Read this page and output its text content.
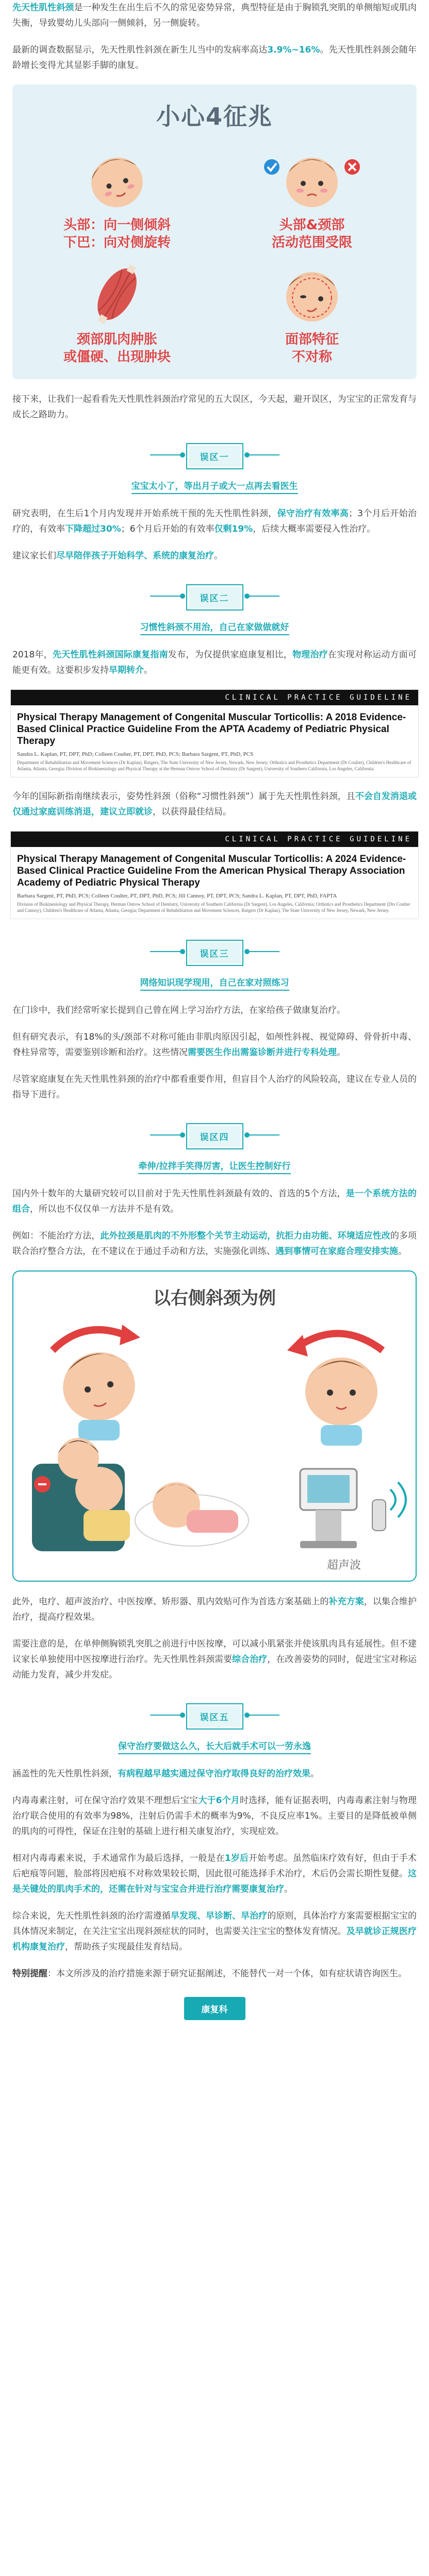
先天性肌性斜颈是一种发生在出生后不久的常见姿势异常，典型特征是由于胸锁乳突肌的单侧缩短或肌肉失衡，导致婴幼儿头部向一侧倾斜，另一侧旋转。

最新的调查数据显示，先天性肌性斜颈在新生儿当中的发病率高达3.9%~16%。先天性肌性斜颈会随年龄增长变得尤其显影手脚的康复。

小心4征兆
头部：向一侧倾斜
下巴：向对侧旋转
头部&颈部
活动范围受限
颈部肌肉肿胀
或僵硬、出现肿块
面部特征
不对称

接下来，让我们一起看看先天性肌性斜颈治疗常见的五大误区，今天起，避开误区，为宝宝的正常发育与成长之路助力。

误区一
宝宝太小了，等出月子或大一点再去看医生

研究表明，在生后1个月内发现并开始系统干预的先天性肌性斜颈，保守治疗有效率高；3个月后开始治疗的，有效率下降超过30%；6个月后开始的有效率仅剩19%，后续大概率需要侵入性治疗。

建议家长们尽早陪伴孩子开始科学、系统的康复治疗。

误区二
习惯性斜颈不用治，自己在家做做就好

2018年，先天性肌性斜颈国际康复指南发布，为仅提供家庭康复相比，物理治疗在实现对称运动方面可能更有效。这要积步发持早期转介。

CLINICAL PRACTICE GUIDELINE
Physical Therapy Management of Congenital Muscular Torticollis: A 2018 Evidence-Based Clinical Practice Guideline From the APTA Academy of Pediatric Physical Therapy
Sandra L. Kaplan, PT, DPT, PhD; Colleen Coulter, PT, DPT, PhD, PCS; Barbara Sargent, PT, PhD, PCS
Department of Rehabilitation and Movement Sciences (Dr Kaplan), Rutgers, The State University of New Jersey, Newark, New Jersey; Orthotics and Prosthetics Department (Dr Coulter), Children's Healthcare of Atlanta, Atlanta, Georgia; Division of Biokinesiology and Physical Therapy at the Herman Ostrow School of Dentistry (Dr Sargent), University of Southern California, Los Angeles, California.

今年的国际新指南继续表示，姿势性斜颈（俗称“习惯性斜颈”）属于先天性肌性斜颈，且不会自发消退或仅通过家庭训练消退，建议立即就诊，以获得最佳结局。

CLINICAL PRACTICE GUIDELINE
Physical Therapy Management of Congenital Muscular Torticollis: A 2024 Evidence-Based Clinical Practice Guideline From the American Physical Therapy Association Academy of Pediatric Physical Therapy
Barbara Sargent, PT, PhD, PCS; Colleen Coulter, PT, DPT, PhD, PCS; Jill Cannoy, PT, DPT, PCS; Sandra L. Kaplan, PT, DPT, PhD, FAPTA
Division of Biokinesiology and Physical Therapy, Herman Ostrow School of Dentistry, University of Southern California (Dr Sargent), Los Angeles, California; Orthotics and Prosthetics Department (Drs Coulter and Cannoy), Children's Healthcare of Atlanta, Atlanta, Georgia; Department of Rehabilitation and Movement Sciences, Rutgers (Dr Kaplan), The State University of New Jersey, Newark, New Jersey.
误区三
网络知识现学现用，自己在家对照练习

在门诊中，我们经常听家长提到自己曾在网上学习治疗方法，在家给孩子做康复治疗。

但有研究表示，有18%的头/颈部不对称可能由非肌肉原因引起，如颅性斜视、视觉障碍、骨骨折中毒、脊柱异常等，需要鉴别诊断和治疗。这些情况需要医生作出需鉴诊断并进行专科处理。

尽管家庭康复在先天性肌性斜颈的治疗中都看重要作用，但盲目个人治疗的风险较高，建议在专业人员的指导下进行。

误区四
牵伸/拉拌手笑得厉害，让医生控制好行

国内外十数年的大量研究较可以目前对于先天性肌性斜颈最有效的、首选的5个方法，是一个系统方法的组合，所以也不仅仅单一方法并不是有效。

例如：不能治疗方法，此外拉颈是肌肉的不外形整个关节主动运动，抗拒力由功能、环境适应性改的多项联合治疗整合方法，在不建议在于通过手动和方法，实施强化训练、遇到事情可在家庭合理安排实施。

以右侧斜颈为例
超声波

此外，电疗、超声波治疗、中医按摩、矫形器、肌内效贴可作为首选方案基础上的补充方案，以集合维护治疗，提高疗程效果。

需要注意的是，在单伸侧胸锁乳突肌之前进行中医按摩，可以减小肌紧张并使该肌肉具有延展性。但不建议家长单独使用中医按摩进行治疗。先天性肌性斜颈需要综合治疗，在改善姿势的同时，促进宝宝对称运动能力发育，减少并发症。

误区五
保守治疗要做这么久，长大后就手术可以一劳永逸

涵盖性的先天性肌性斜颈，有病程越早越实通过保守治疗取得良好的治疗效果。

内毒毒素注射，可在保守治疗效果不理想后宝宝大于6个月时选择，能有证据表明，内毒毒素注射与物理治疗联合使用的有效率为98%，注射后仍需手术的概率为9%，不良反应率1%。主要目的是降低被单侧的肌肉的可得性，保证在注射的基础上进行相关康复治疗，实现症效。

相对内毒毒素来说，手术通常作为最后选择，一般是在1岁后开始考虑。虽然临床疗效有好，但由于手术后疤痕等问题，脸部将因疤痕不对称效果较长期，因此很可能选择手术治疗，术后仍会需长期性复健。这是关键处的肌肉手术的，还需在针对与宝宝合并进行治疗需要康复治疗。

综合来说，先天性肌性斜颈的治疗需遵循早发现、早诊断、早治疗的原则，具体治疗方案需要根据宝宝的具体情况来制定，在关注宝宝出现斜颈症状的同时，也需要关注宝宝的整体发育情况。及早就诊正规医疗机构康复治疗，帮助孩子实现最佳发育结局。

特别提醒：本文所涉及的治疗措施来源于研究证据阐述，不能替代一对一个体，如有症状请咨询医生。

康复科
